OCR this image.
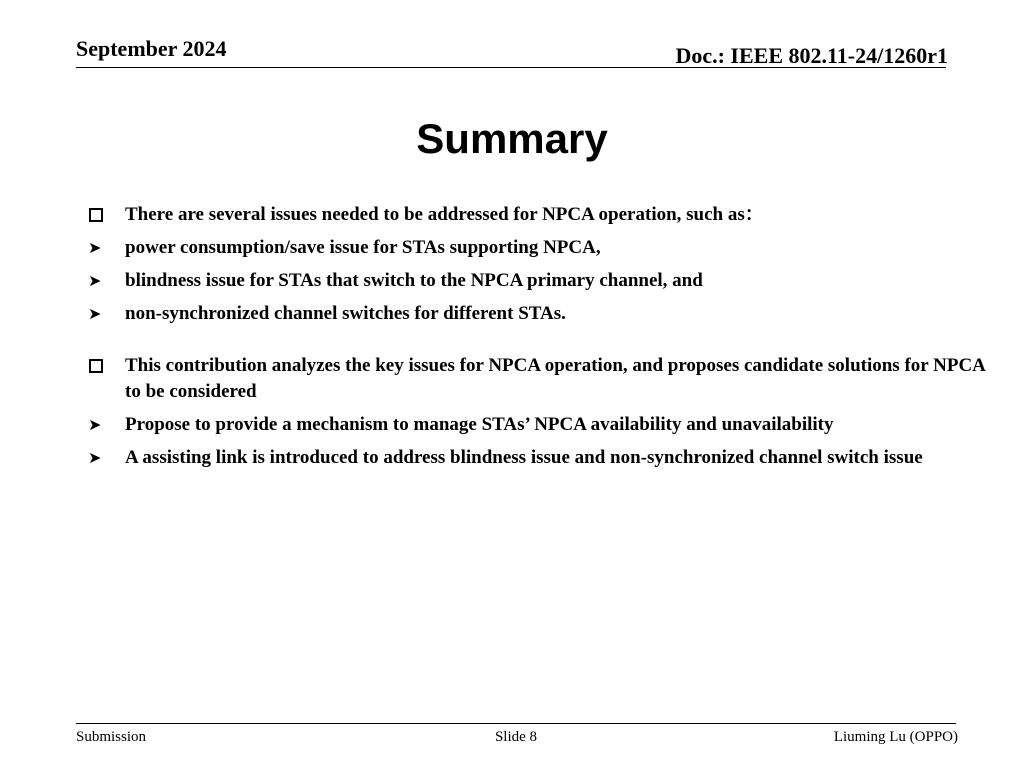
September 2024	Doc.: IEEE 802.11-24/1260r1
Summary
There are several issues needed to be addressed for NPCA operation, such as：
➤	power consumption/save issue for STAs supporting NPCA,
➤	blindness issue for STAs that switch to the NPCA primary channel, and
➤	non-synchronized channel switches for different STAs.
This contribution analyzes the key issues for NPCA operation, and proposes candidate solutions for NPCA to be considered
➤	Propose to provide a mechanism to manage STAs’ NPCA availability and unavailability
➤	A assisting link is introduced to address blindness issue and non-synchronized channel switch issue
Submission	Slide 8	Liuming Lu (OPPO)
